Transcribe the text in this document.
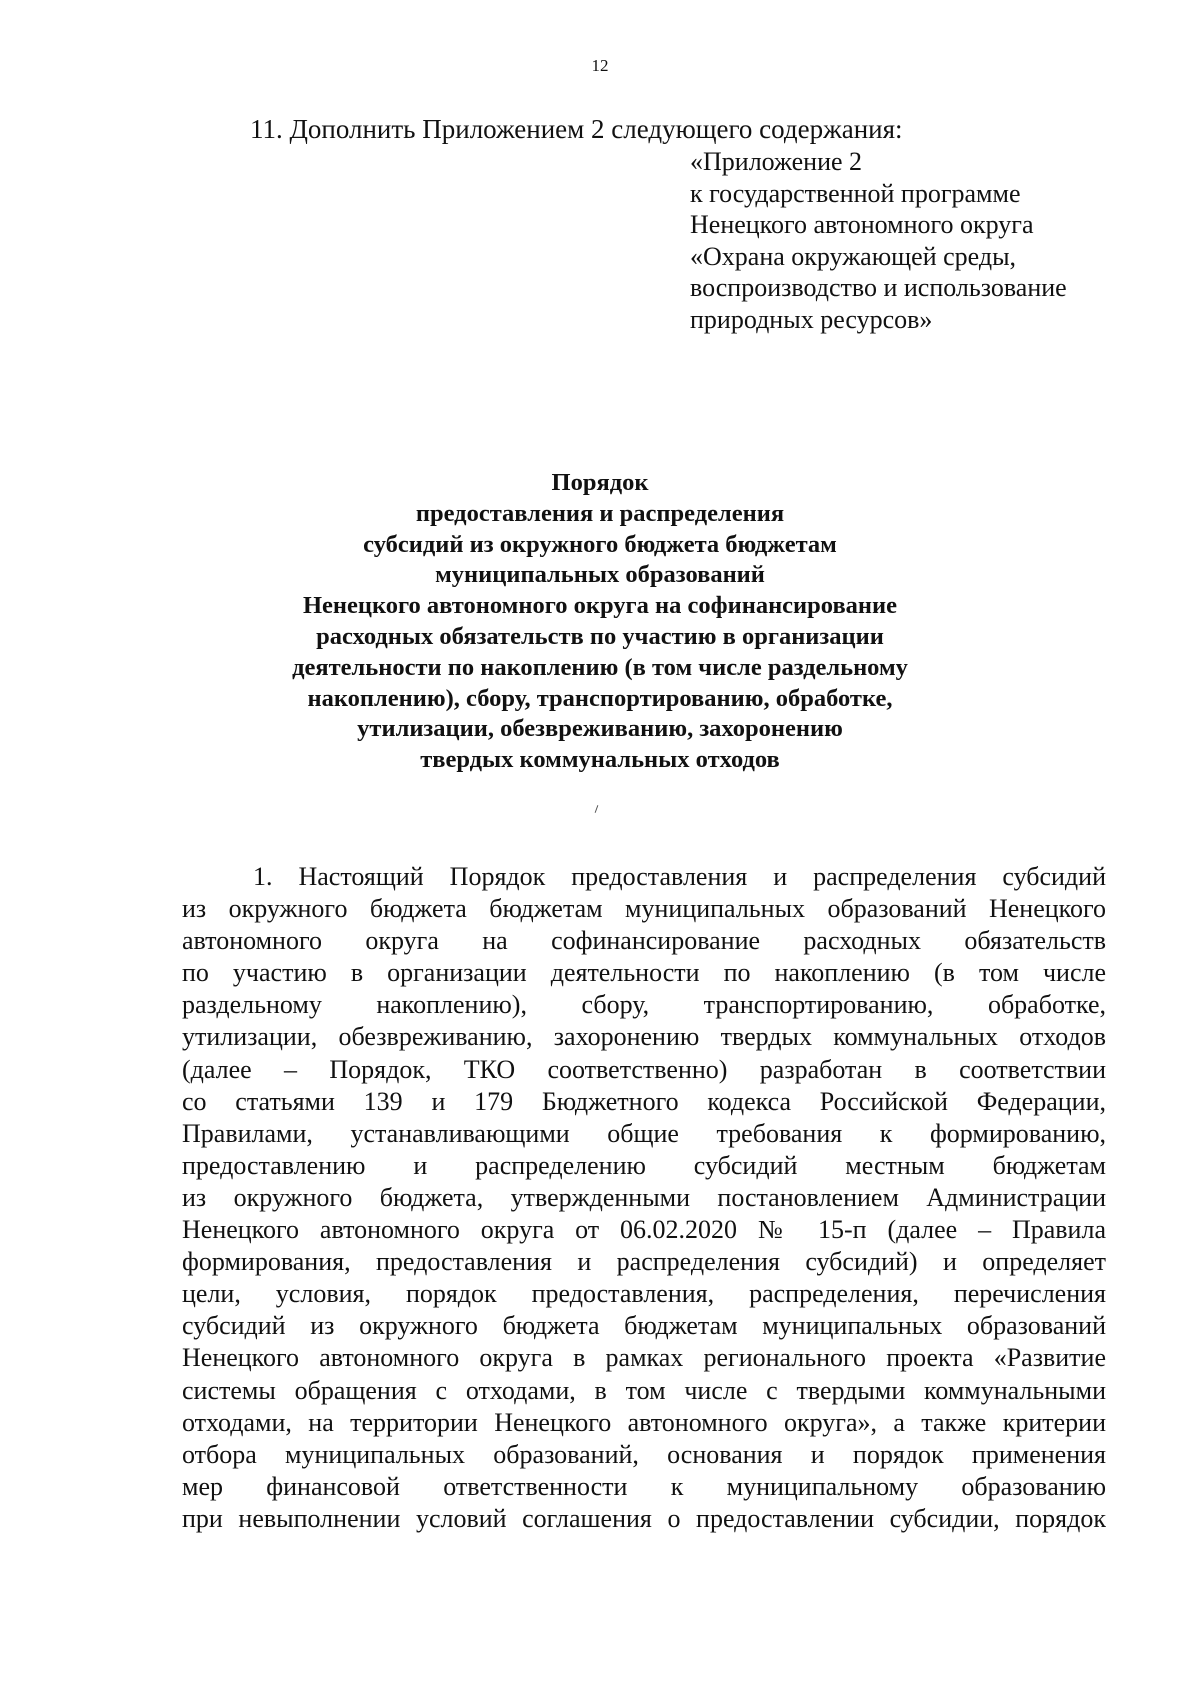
12
11. Дополнить Приложением 2 следующего содержания:
«Приложение 2
к государственной программе
Ненецкого автономного округа
«Охрана окружающей среды,
воспроизводство и использование
природных ресурсов»
Порядок
предоставления и распределения
субсидий из окружного бюджета бюджетам
муниципальных образований
Ненецкого автономного округа на софинансирование
расходных обязательств по участию в организации
деятельности по накоплению (в том числе раздельному
накоплению), сбору, транспортированию, обработке,
утилизации, обезвреживанию, захоронению
твердых коммунальных отходов
1. Настоящий Порядок предоставления и распределения субсидий
из окружного бюджета бюджетам муниципальных образований Ненецкого
автономного округа на софинансирование расходных обязательств
по участию в организации деятельности по накоплению (в том числе
раздельному накоплению), сбору, транспортированию, обработке,
утилизации, обезвреживанию, захоронению твердых коммунальных отходов
(далее – Порядок, ТКО соответственно) разработан в соответствии
со статьями 139 и 179 Бюджетного кодекса Российской Федерации,
Правилами, устанавливающими общие требования к формированию,
предоставлению и распределению субсидий местным бюджетам
из окружного бюджета, утвержденными постановлением Администрации
Ненецкого автономного округа от 06.02.2020 № 15-п (далее – Правила
формирования, предоставления и распределения субсидий) и определяет
цели, условия, порядок предоставления, распределения, перечисления
субсидий из окружного бюджета бюджетам муниципальных образований
Ненецкого автономного округа в рамках регионального проекта «Развитие
системы обращения с отходами, в том числе с твердыми коммунальными
отходами, на территории Ненецкого автономного округа», а также критерии
отбора муниципальных образований, основания и порядок применения
мер финансовой ответственности к муниципальному образованию
при невыполнении условий соглашения о предоставлении субсидии, порядок
